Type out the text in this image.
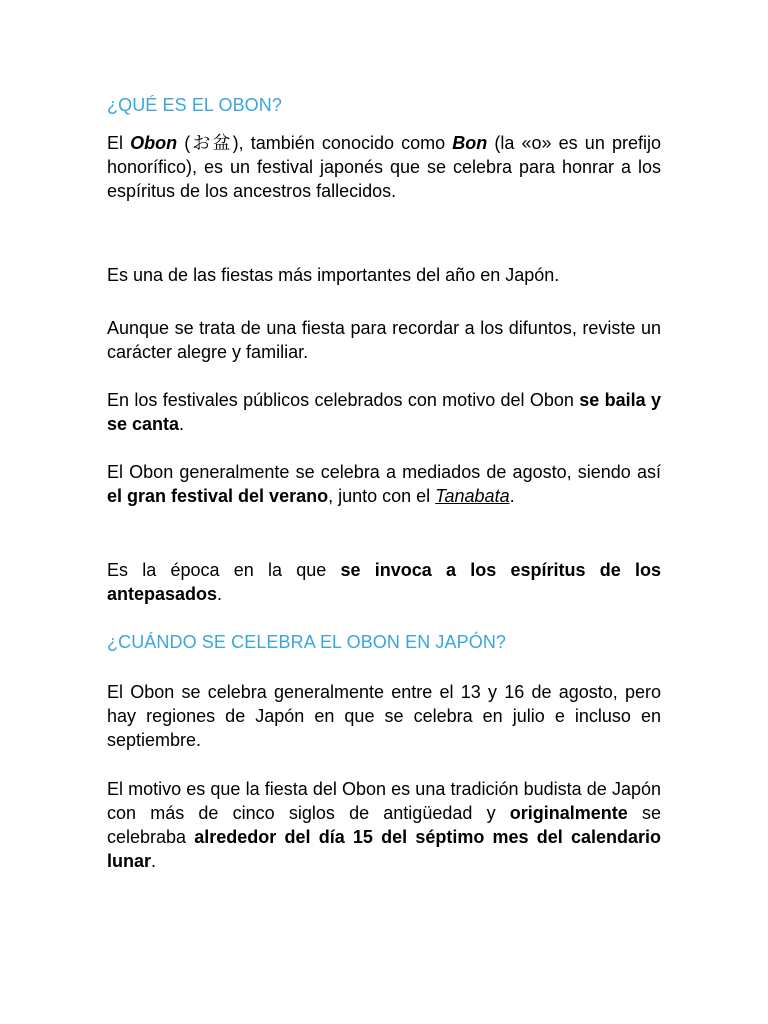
¿QUÉ ES EL OBON?

El Obon (お盆), también conocido como Bon (la «o» es un prefijo honorífico), es un festival japonés que se celebra para honrar a los espíritus de los ancestros fallecidos.

Es una de las fiestas más importantes del año en Japón.

Aunque se trata de una fiesta para recordar a los difuntos, reviste un carácter alegre y familiar.

En los festivales públicos celebrados con motivo del Obon se baila y se canta.

El Obon generalmente se celebra a mediados de agosto, siendo así el gran festival del verano, junto con el Tanabata.

Es la época en la que se invoca a los espíritus de los antepasados.

¿CUÁNDO SE CELEBRA EL OBON EN JAPÓN?

El Obon se celebra generalmente entre el 13 y 16 de agosto, pero hay regiones de Japón en que se celebra en julio e incluso en septiembre.

El motivo es que la fiesta del Obon es una tradición budista de Japón con más de cinco siglos de antigüedad y originalmente se celebraba alrededor del día 15 del séptimo mes del calendario lunar.
